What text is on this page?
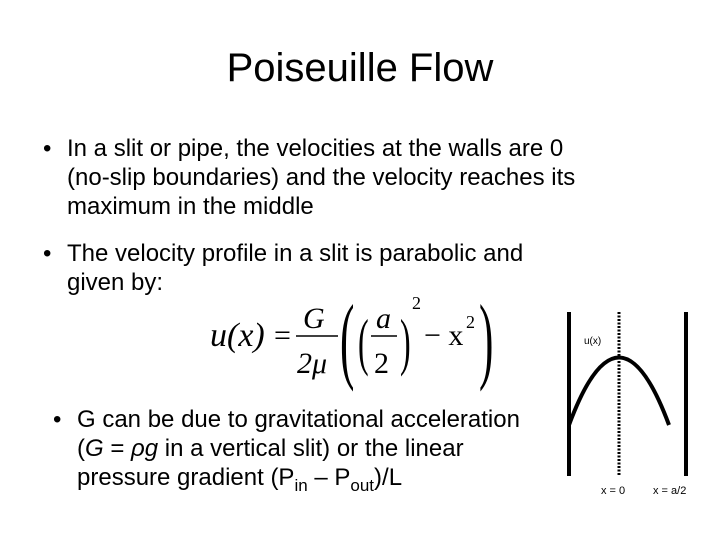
Poiseuille Flow
• In a slit or pipe, the velocities at the walls are 0
(no-slip boundaries) and the velocity reaches its
maximum in the middle
• The velocity profile in a slit is parabolic and
given by:
• G can be due to gravitational acceleration (G = ρg in a vertical slit) or the linear pressure gradient $(P_{in} - P_{out})/L$
u(x) =
G
2μ ( ( a
2 )
2
− x 2 )	u(x)
x = 0	x = a/2
